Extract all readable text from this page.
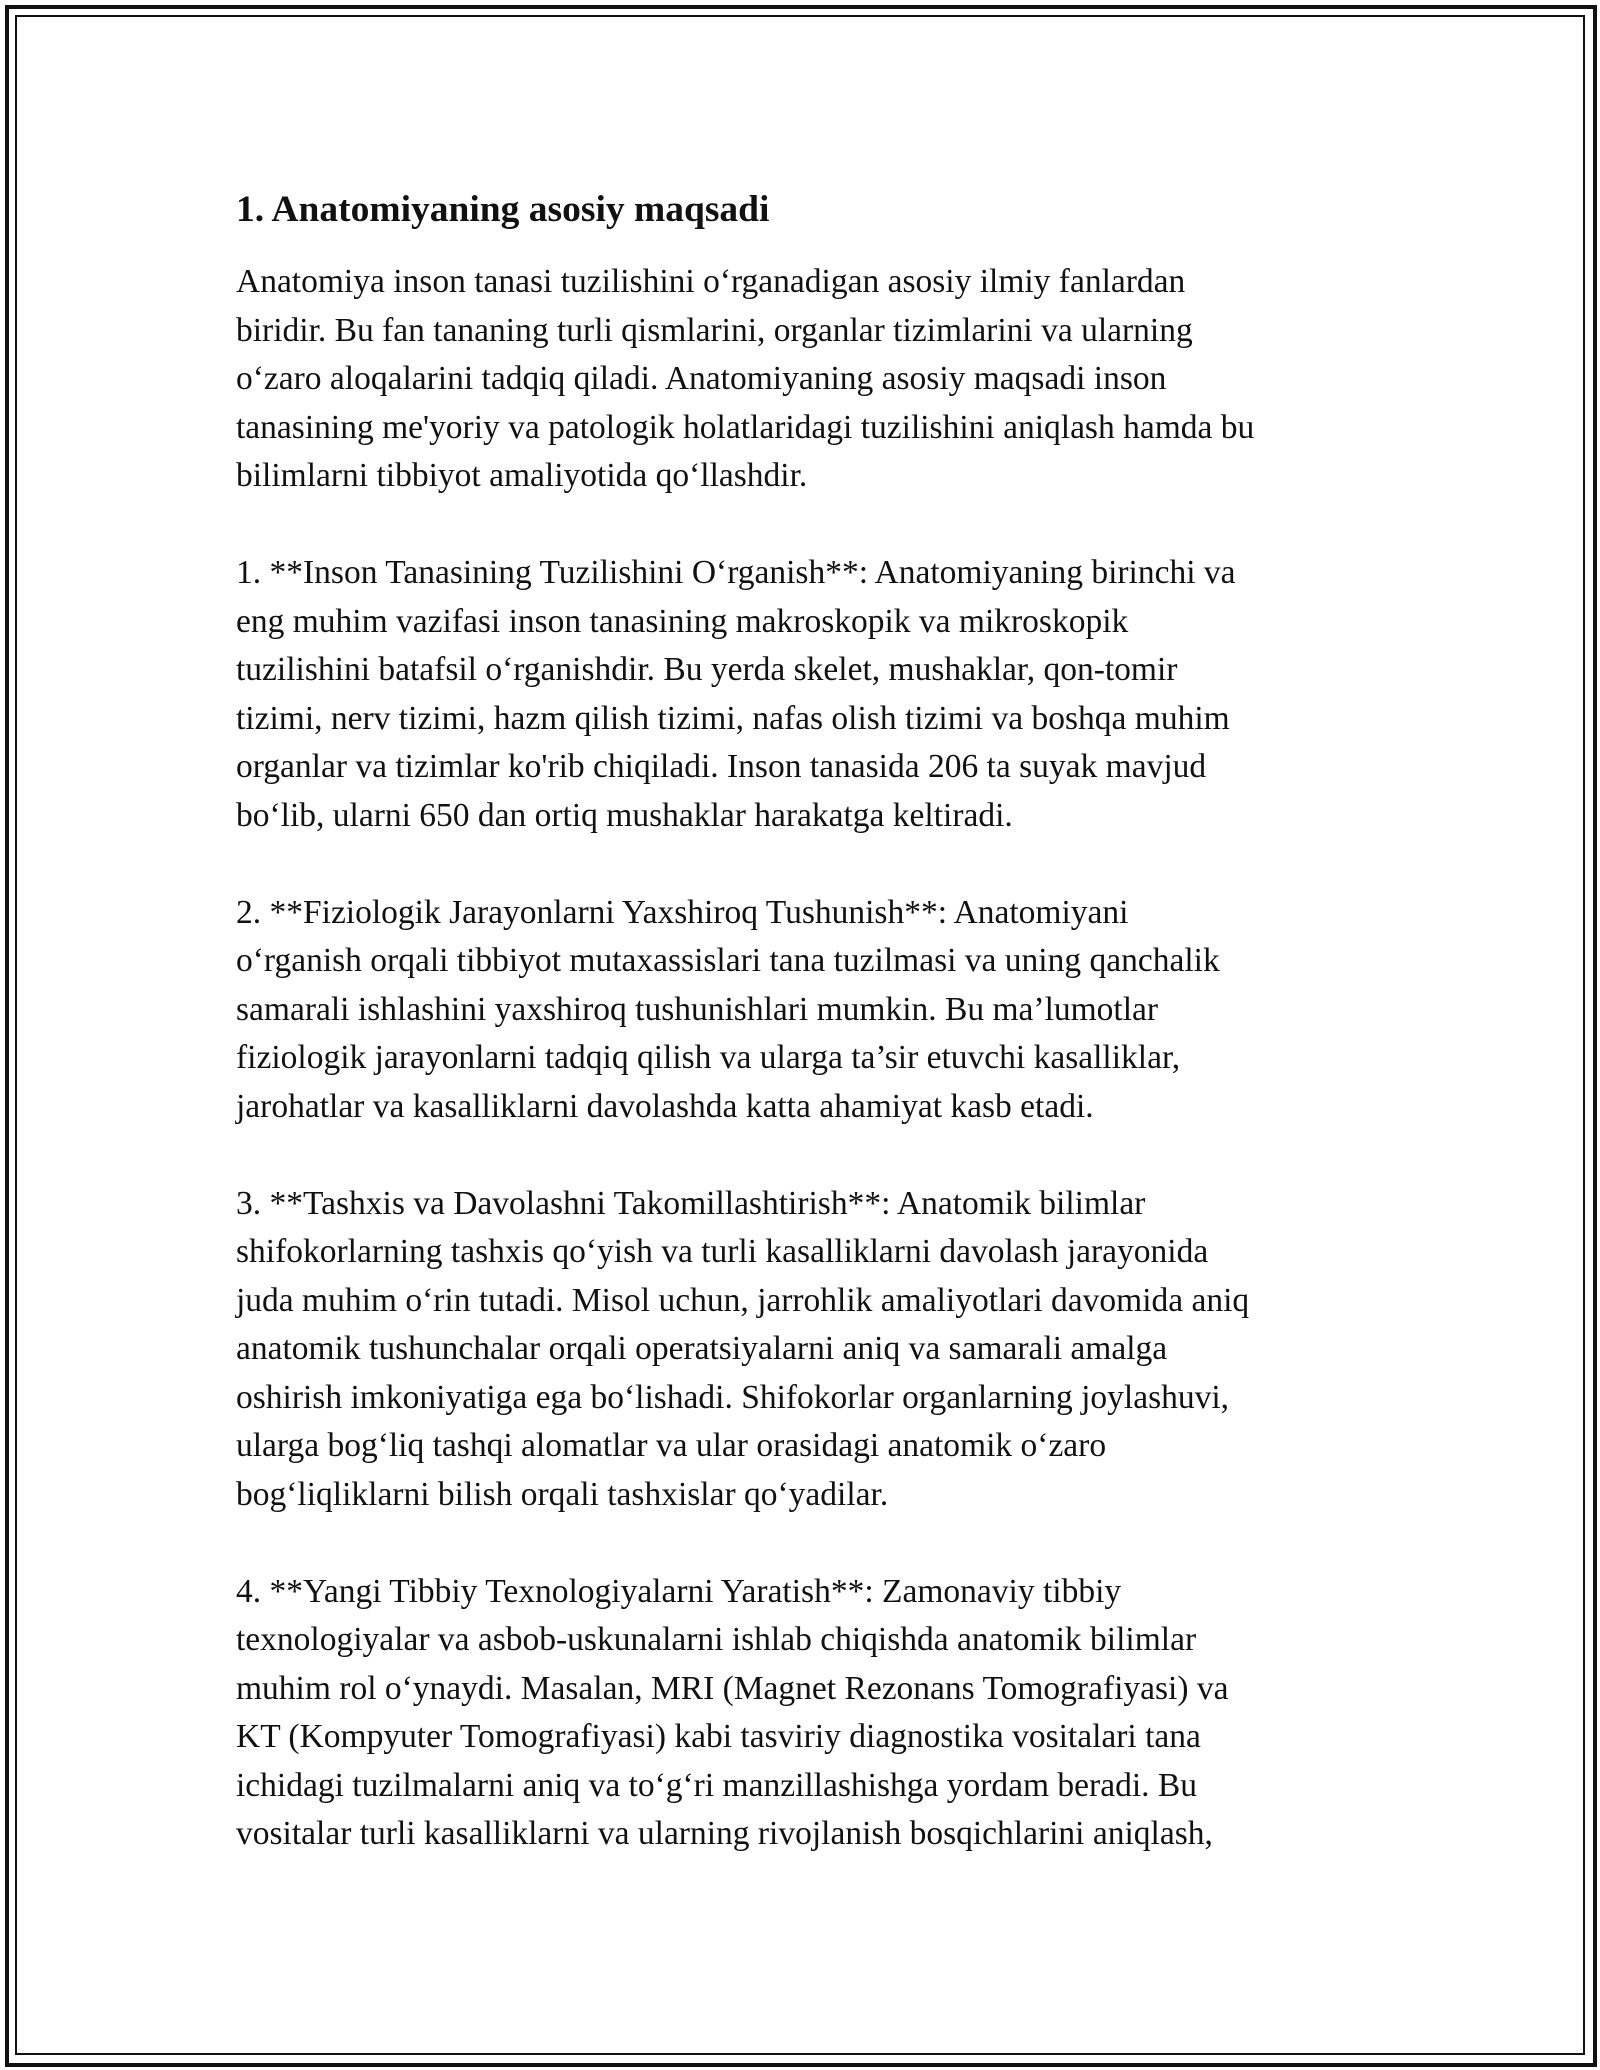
1. Anatomiyaning asosiy maqsadi

Anatomiya inson tanasi tuzilishini o‘rganadigan asosiy ilmiy fanlardan
biridir. Bu fan tananing turli qismlarini, organlar tizimlarini va ularning
o‘zaro aloqalarini tadqiq qiladi. Anatomiyaning asosiy maqsadi inson
tanasining me'yoriy va patologik holatlaridagi tuzilishini aniqlash hamda bu
bilimlarni tibbiyot amaliyotida qo‘llashdir.

1. **Inson Tanasining Tuzilishini O‘rganish**: Anatomiyaning birinchi va
eng muhim vazifasi inson tanasining makroskopik va mikroskopik
tuzilishini batafsil o‘rganishdir. Bu yerda skelet, mushaklar, qon-tomir
tizimi, nerv tizimi, hazm qilish tizimi, nafas olish tizimi va boshqa muhim
organlar va tizimlar ko'rib chiqiladi. Inson tanasida 206 ta suyak mavjud
bo‘lib, ularni 650 dan ortiq mushaklar harakatga keltiradi.

2. **Fiziologik Jarayonlarni Yaxshiroq Tushunish**: Anatomiyani
o‘rganish orqali tibbiyot mutaxassislari tana tuzilmasi va uning qanchalik
samarali ishlashini yaxshiroq tushunishlari mumkin. Bu ma’lumotlar
fiziologik jarayonlarni tadqiq qilish va ularga ta’sir etuvchi kasalliklar,
jarohatlar va kasalliklarni davolashda katta ahamiyat kasb etadi.

3. **Tashxis va Davolashni Takomillashtirish**: Anatomik bilimlar
shifokorlarning tashxis qo‘yish va turli kasalliklarni davolash jarayonida
juda muhim o‘rin tutadi. Misol uchun, jarrohlik amaliyotlari davomida aniq
anatomik tushunchalar orqali operatsiyalarni aniq va samarali amalga
oshirish imkoniyatiga ega bo‘lishadi. Shifokorlar organlarning joylashuvi,
ularga bog‘liq tashqi alomatlar va ular orasidagi anatomik o‘zaro
bog‘liqliklarni bilish orqali tashxislar qo‘yadilar.

4. **Yangi Tibbiy Texnologiyalarni Yaratish**: Zamonaviy tibbiy
texnologiyalar va asbob-uskunalarni ishlab chiqishda anatomik bilimlar
muhim rol o‘ynaydi. Masalan, MRI (Magnet Rezonans Tomografiyasi) va
KT (Kompyuter Tomografiyasi) kabi tasviriy diagnostika vositalari tana
ichidagi tuzilmalarni aniq va to‘g‘ri manzillashishga yordam beradi. Bu
vositalar turli kasalliklarni va ularning rivojlanish bosqichlarini aniqlash,
